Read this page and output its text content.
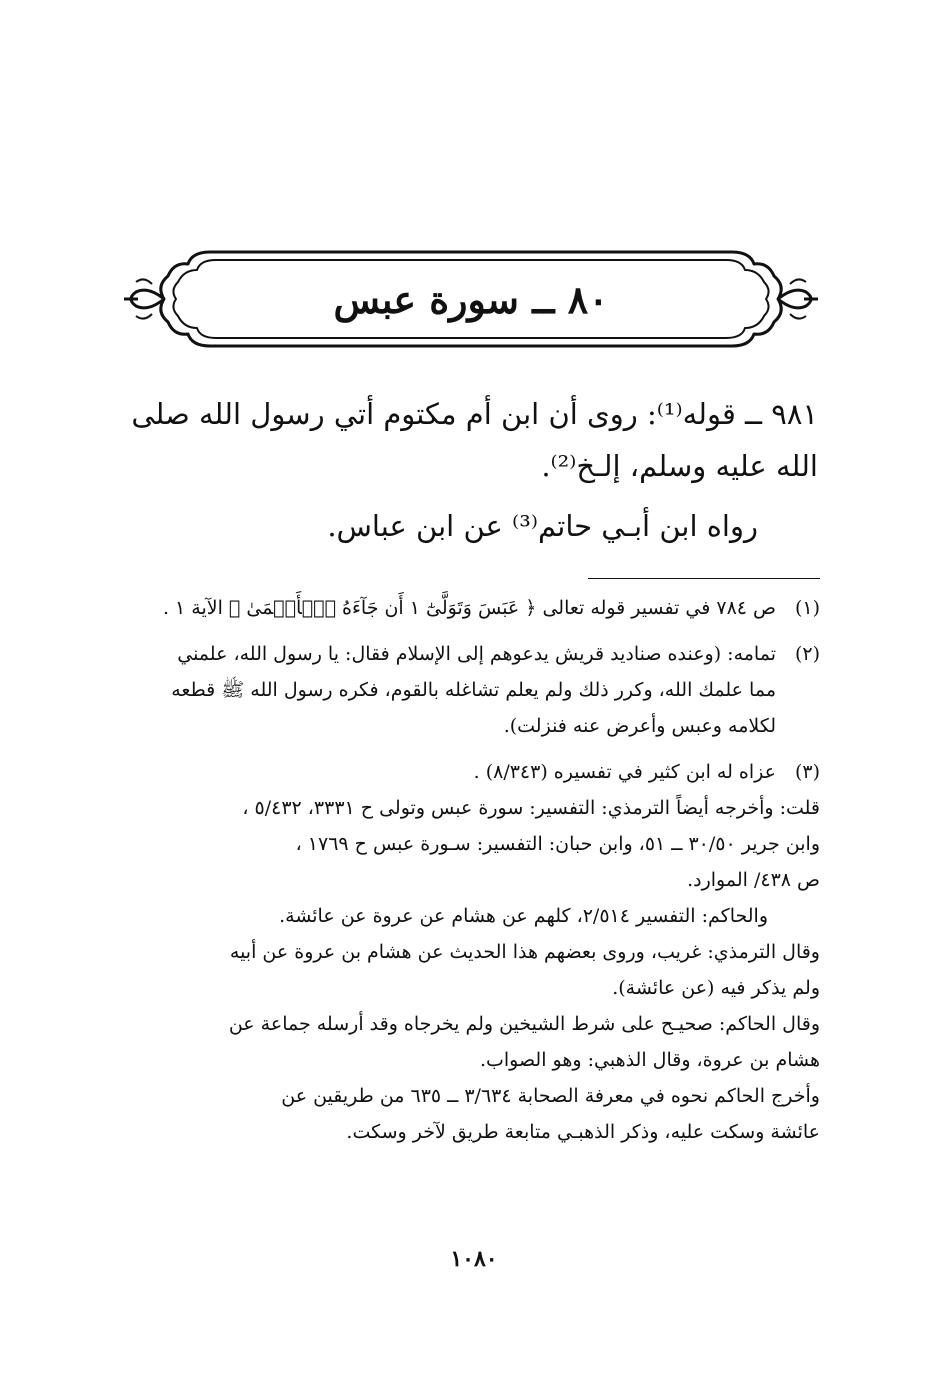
٨٠ ــ سورة عبس

٩٨١ ــ قوله⁽¹⁾: روى أن ابن أم مكتوم أتي رسول الله صلى الله عليه وسلم، إلـخ⁽²⁾.

رواه ابن أبـي حاتم⁽³⁾ عن ابن عباس.

(١)
ص ٧٨٤ في تفسير قوله تعالى ﴿ عَبَسَ وَتَوَلَّىٰٓ ١ أَن جَآءَهُ ٱلۡأَعۡمَىٰ ﴾ الآية ١ .
(٢)
تمامه: (وعنده صناديد قريش يدعوهم إلى الإسلام فقال: يا رسول الله، علمني
مما علمك الله، وكرر ذلك ولم يعلم تشاغله بالقوم، فكره رسول الله ﷺ قطعه
لكلامه وعبس وأعرض عنه فنزلت).
(٣)
عزاه له ابن كثير في تفسيره (٨/٣٤٣) .
قلت: وأخرجه أيضاً الترمذي: التفسير: سورة عبس وتولى ح ٣٣٣١، ٥/٤٣٢ ،
وابن جرير ٣٠/٥٠ ــ ٥١، وابن حبان: التفسير: سـورة عبس ح ١٧٦٩ ،
ص ٤٣٨/ الموارد.
والحاكم: التفسير ٢/٥١٤، كلهم عن هشام عن عروة عن عائشة.
وقال الترمذي: غريب، وروى بعضهم هذا الحديث عن هشام بن عروة عن أبيه
ولم يذكر فيه (عن عائشة).
وقال الحاكم: صحيـح على شرط الشيخين ولم يخرجاه وقد أرسله جماعة عن
هشام بن عروة، وقال الذهبي: وهو الصواب.
وأخرج الحاكم نحوه في معرفة الصحابة ٣/٦٣٤ ــ ٦٣٥ من طريقين عن
عائشة وسكت عليه، وذكر الذهبـي متابعة طريق لآخر وسكت.
١٠٨٠
